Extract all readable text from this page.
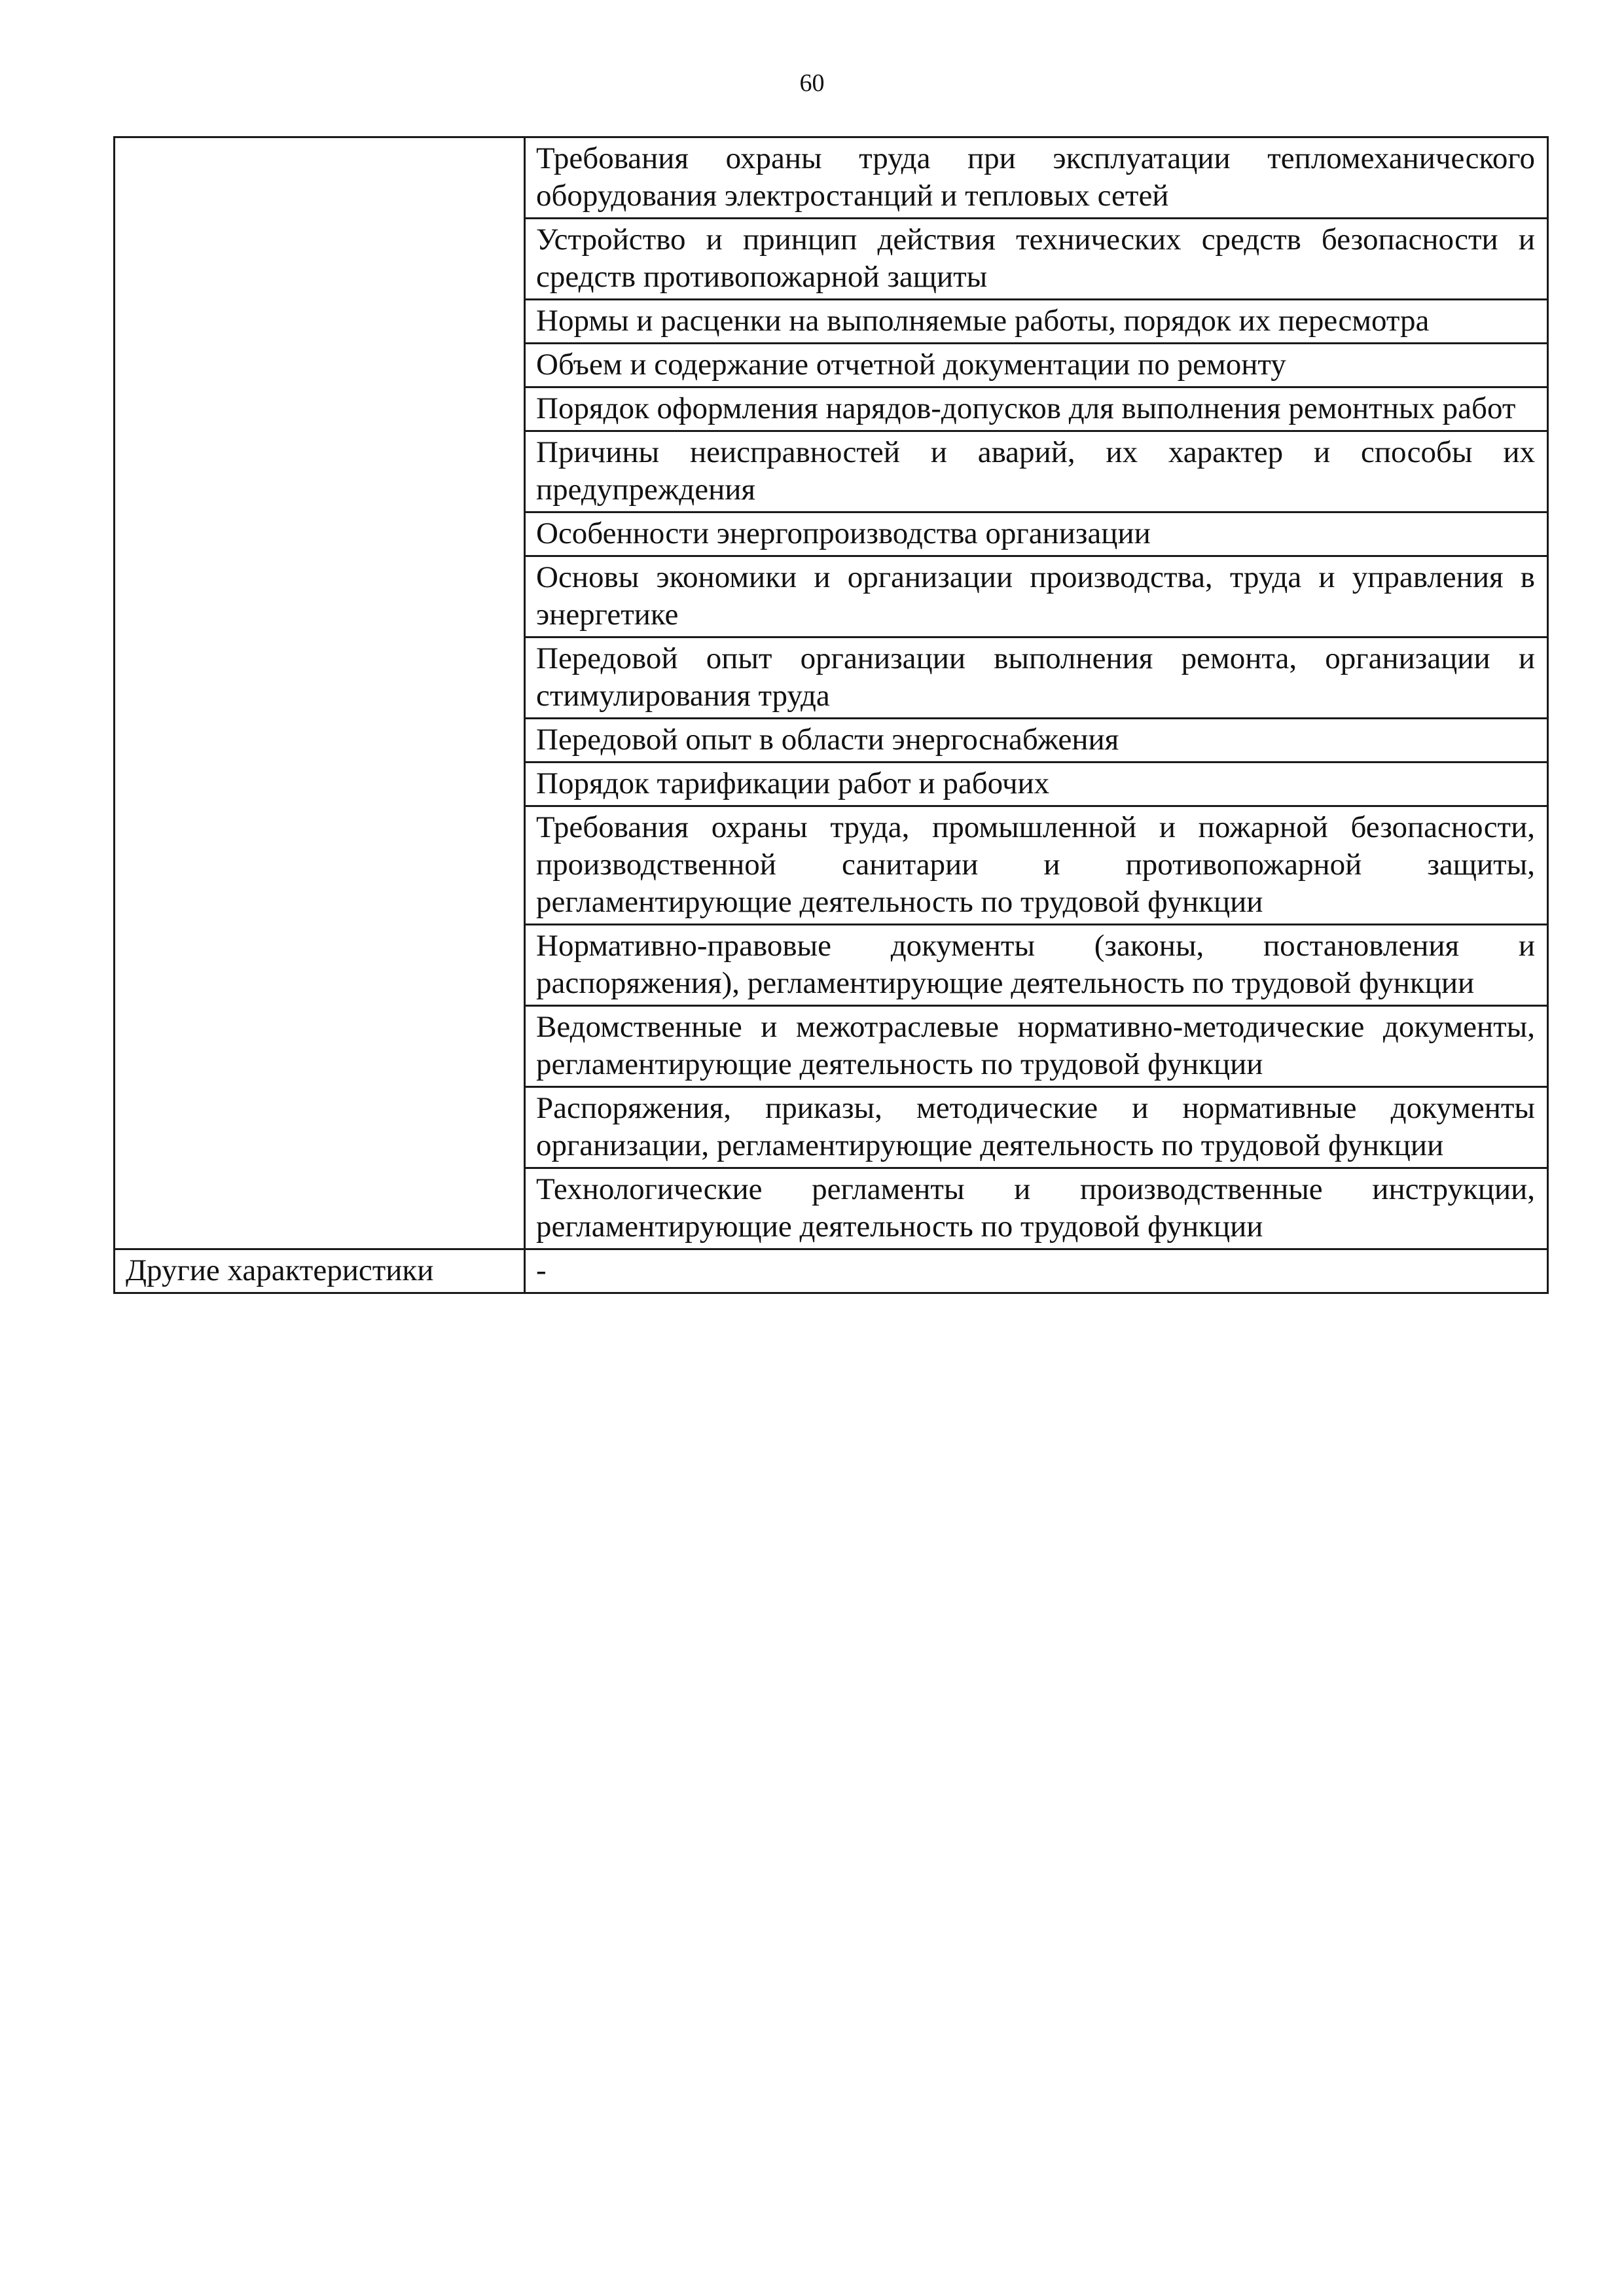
60
	Требования охраны труда при эксплуатации тепломеханического оборудования электростанций и тепловых сетей
	Устройство и принцип действия технических средств безопасности и средств противопожарной защиты
	Нормы и расценки на выполняемые работы, порядок их пересмотра
	Объем и содержание отчетной документации по ремонту
	Порядок оформления нарядов-допусков для выполнения ремонтных работ
	Причины неисправностей и аварий, их характер и способы их предупреждения
	Особенности энергопроизводства организации
	Основы экономики и организации производства, труда и управления в энергетике
	Передовой опыт организации выполнения ремонта, организации и стимулирования труда
	Передовой опыт в области энергоснабжения
	Порядок тарификации работ и рабочих
	Требования охраны труда, промышленной и пожарной безопасности, производственной санитарии и противопожарной защиты, регламентирующие деятельность по трудовой функции
	Нормативно-правовые документы (законы, постановления и распоряжения), регламентирующие деятельность по трудовой функции
	Ведомственные и межотраслевые нормативно-методические документы, регламентирующие деятельность по трудовой функции
	Распоряжения, приказы, методические и нормативные документы организации, регламентирующие деятельность по трудовой функции
	Технологические регламенты и производственные инструкции, регламентирующие деятельность по трудовой функции
Другие характеристики	-
